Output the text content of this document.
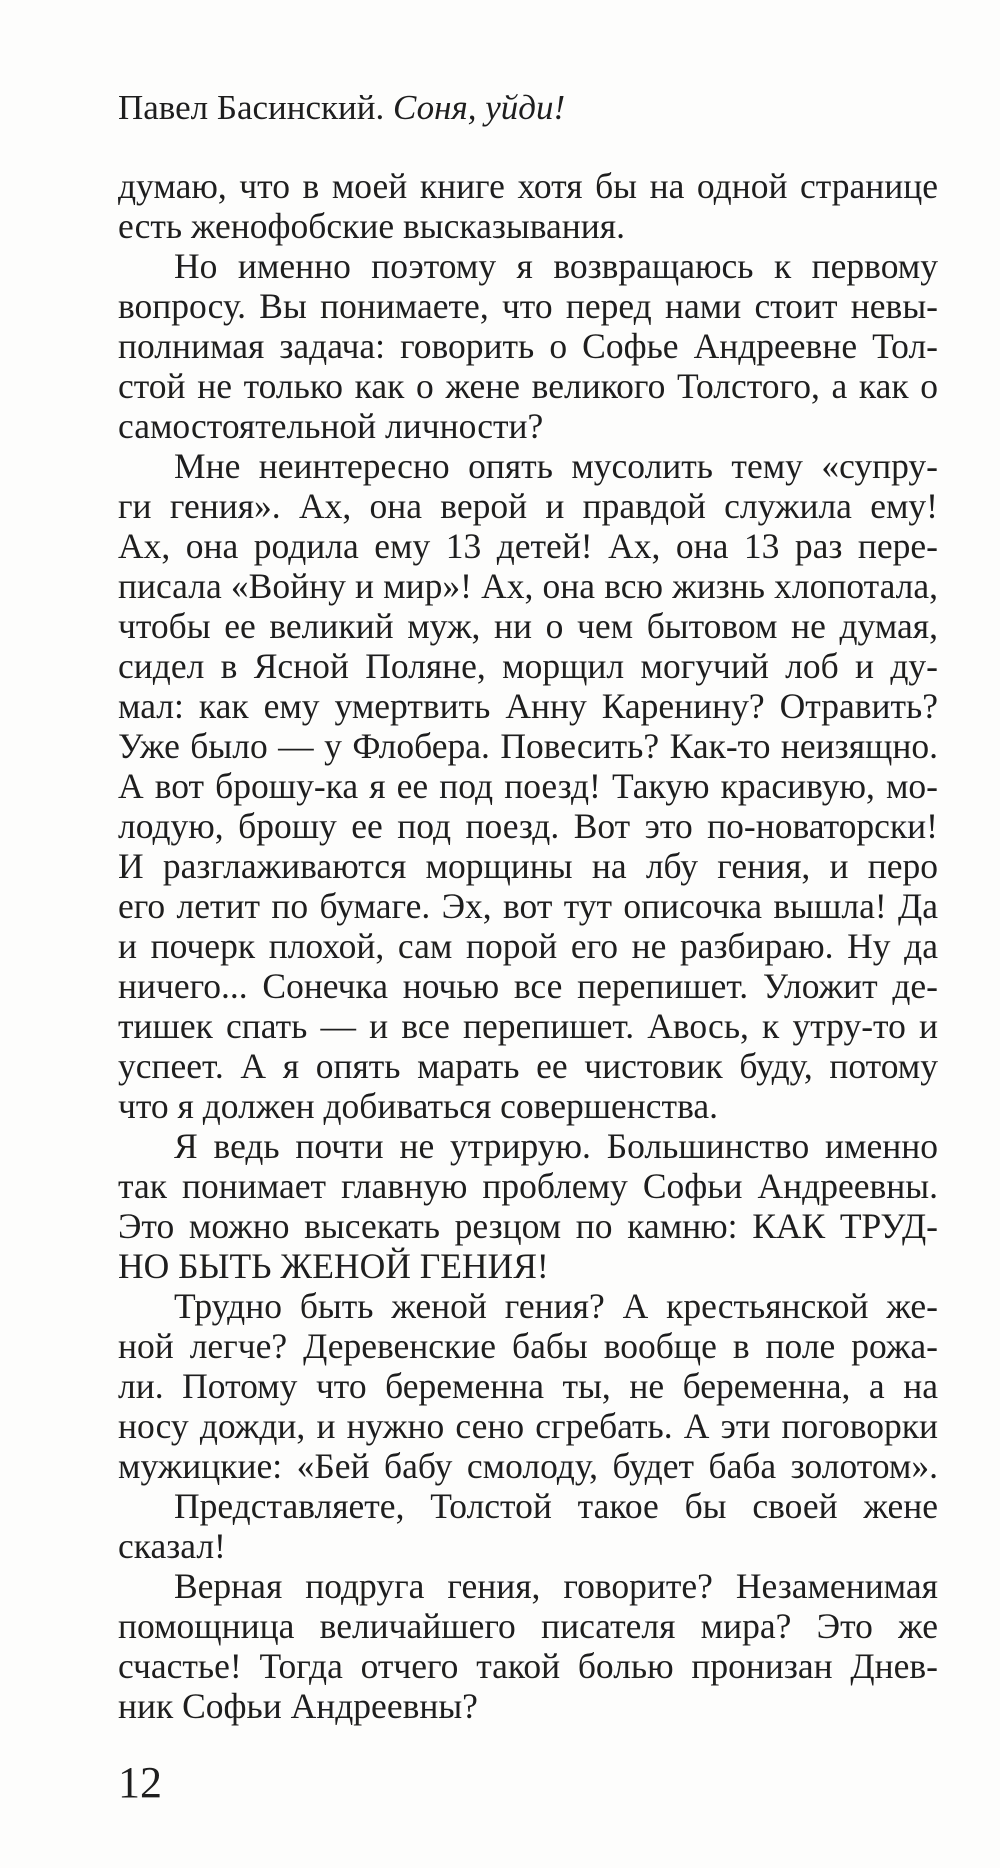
Павел Басинский. Соня, уйди!
думаю, что в моей книге хотя бы на одной странице
есть женофобские высказывания.
Но именно поэтому я возвращаюсь к первому
вопросу. Вы понимаете, что перед нами стоит невы-
полнимая задача: говорить о Софье Андреевне Тол-
стой не только как о жене великого Толстого, а как о
самостоятельной личности?
Мне неинтересно опять мусолить тему «супру-
ги гения». Ах, она верой и правдой служила ему!
Ах, она родила ему 13 детей! Ах, она 13 раз пере-
писала «Войну и мир»! Ах, она всю жизнь хлопотала,
чтобы ее великий муж, ни о чем бытовом не думая,
сидел в Ясной Поляне, морщил могучий лоб и ду-
мал: как ему умертвить Анну Каренину? Отравить?
Уже было — у Флобера. Повесить? Как-то неизящно.
А вот брошу-ка я ее под поезд! Такую красивую, мо-
лодую, брошу ее под поезд. Вот это по-новаторски!
И разглаживаются морщины на лбу гения, и перо
его летит по бумаге. Эх, вот тут описочка вышла! Да
и почерк плохой, сам порой его не разбираю. Ну да
ничего... Сонечка ночью все перепишет. Уложит де-
тишек спать — и все перепишет. Авось, к утру-то и
успеет. А я опять марать ее чистовик буду, потому
что я должен добиваться совершенства.
Я ведь почти не утрирую. Большинство именно
так понимает главную проблему Софьи Андреевны.
Это можно высекать резцом по камню: КАК ТРУД-
НО БЫТЬ ЖЕНОЙ ГЕНИЯ!
Трудно быть женой гения? А крестьянской же-
ной легче? Деревенские бабы вообще в поле рожа-
ли. Потому что беременна ты, не беременна, а на
носу дожди, и нужно сено сгребать. А эти поговорки
мужицкие: «Бей бабу смолоду, будет баба золотом».
Представляете, Толстой такое бы своей жене
сказал!
Верная подруга гения, говорите? Незаменимая
помощница величайшего писателя мира? Это же
счастье! Тогда отчего такой болью пронизан Днев-
ник Софьи Андреевны?
12
